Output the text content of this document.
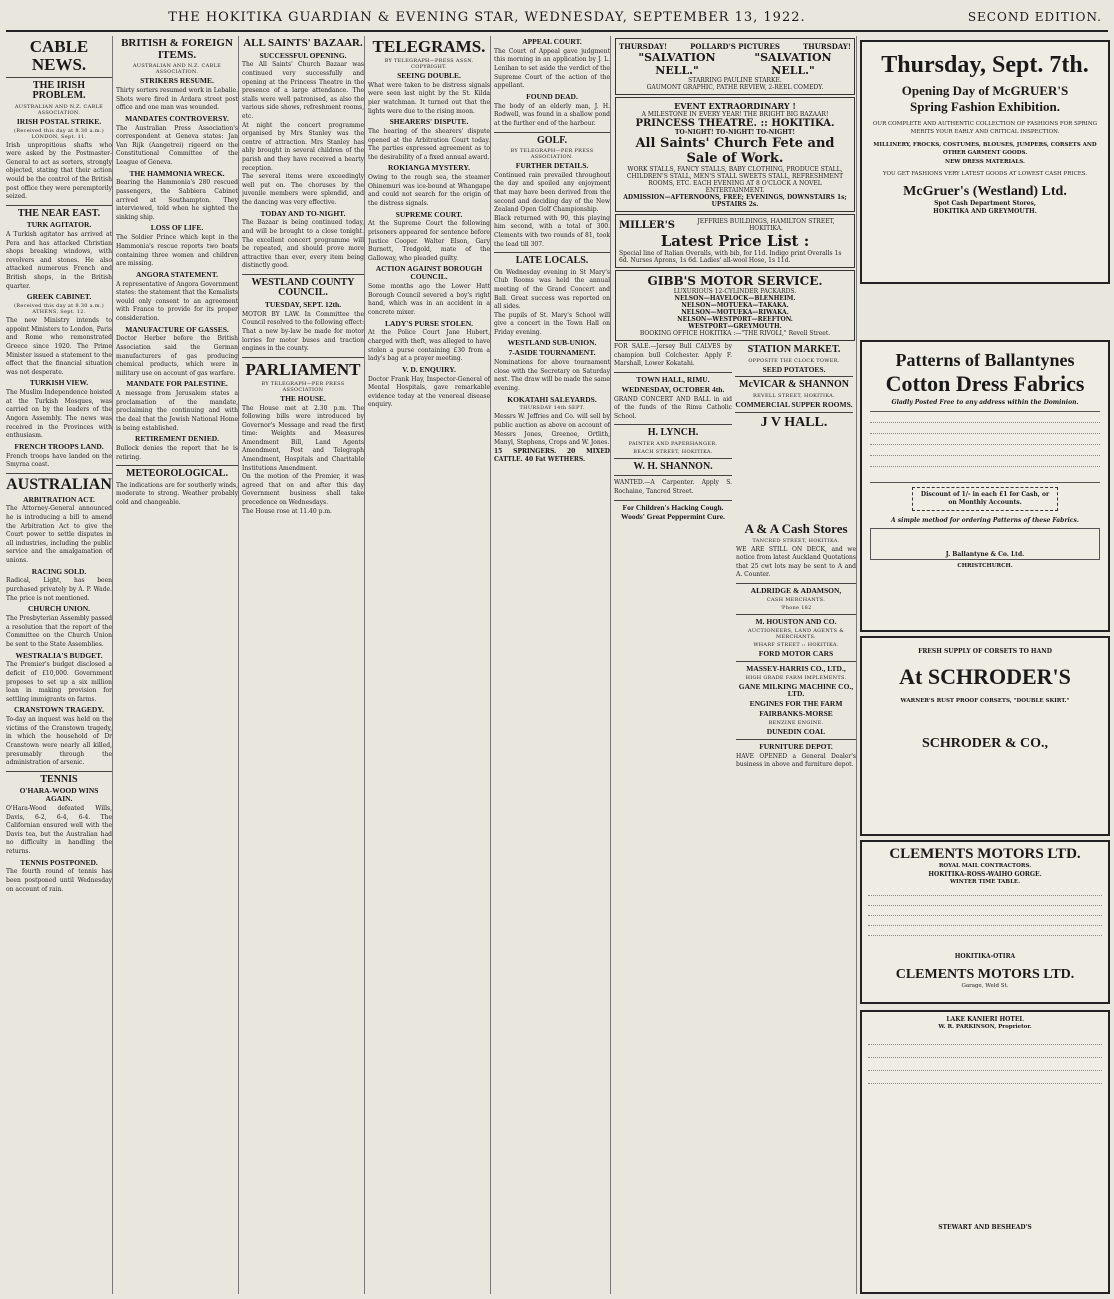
THE HOKITIKA GUARDIAN & EVENING STAR, WEDNESDAY, SEPTEMBER 13, 1922.	SECOND EDITION.
CABLE NEWS.
THE IRISH PROBLEM.
AUSTRALIAN AND N.Z. CABLE ASSOCIATION.
IRISH POSTAL STRIKE.
(Received this day at 8.30 a.m.) LONDON, Sept. 11.

Irish unpropitious shafts who were asked by the Postmaster-General to act as sorters, strongly objected, stating that their action would be the control of the British post office they were peremptorily seized.

THE NEAR EAST.
TURK AGITATOR.

A Turkish agitator has arrived at Pera and has attacked Christian shops breaking windows, with revolvers and stones. He also attacked numerous French and British shops, in the British quarter.

GREEK CABINET.
(Received this day at 8.30 a.m.) ATHENS, Sept. 12.

The new Ministry intends to appoint Ministers to London, Paris and Rome who remonstrated Greece since 1920. The Prime Minister issued a statement to the effect that the financial situation was not desperate.

TURKISH VIEW.

The Muslim Independence hoisted at the Turkish Mosques, was carried on by the leaders of the Angora Assembly. The news was received in the Provinces with enthusiasm.

FRENCH TROOPS LAND.

French troops have landed on the Smyrna coast.

AUSTRALIAN
ARBITRATION ACT.

The Attorney-General announced he is introducing a bill to amend the Arbitration Act to give the Court power to settle disputes in all industries, including the public service and the amalgamation of unions.

RACING SOLD.

Radical, Light, has been purchased privately by A. P. Wade. The price is not mentioned.

CHURCH UNION.

The Presbyterian Assembly passed a resolution that the report of the Committee on the Church Union be sent to the State Assemblies.

WESTRALIA'S BUDGET.

The Premier's budget disclosed a deficit of £10,000. Government proposes to set up a six million loan in making provision for settling immigrants on farms.

CRANSTOWN TRAGEDY.

To-day an inquest was held on the victims of the Cranstown tragedy, in which the household of Dr Cranstown were nearly all killed, presumably through the administration of arsenic.

TENNIS
O'HARA-WOOD WINS AGAIN.

O'Hara-Wood defeated Wills, Davis, 6-2, 6-4, 6-4. The Californian ensured well with the Davis tea, but the Australian had no difficulty in handling the returns.

TENNIS POSTPONED.

The fourth round of tennis has been postponed until Wednesday on account of rain.

BRITISH & FOREIGN ITEMS.
AUSTRALIAN AND N.Z. CABLE ASSOCIATION.
STRIKERS RESUME.

Thirty sorters resumed work in Lebalie. Shots were fired in Ardara street post office and one man was wounded.

MANDATES CONTROVERSY.

The Australian Press Association's correspondent at Geneva states: Jan Van Rijk (Aangetrei) rigeerd on the Constitutional Committee of the League of Geneva.

THE HAMMONIA WRECK.

Bearing the Hammonia's 280 rescued passengers, the Sabbiera Cabinet arrived at Southampton. They interviewed, told when he sighted the sinking ship.

LOSS OF LIFE.

The Soldier Prince which kept in the Hammonia's rescue reports two boats containing three women and children are missing.

ANGORA STATEMENT.

A representative of Angora Government states: the statement that the Kemalists would only consent to an agreement with France to provide for its proper consideration.

MANUFACTURE OF GASSES.

Doctor Herber before the British Association said the German manufacturers of gas producing chemical products, which were in military use on account of gas warfare.

MANDATE FOR PALESTINE.

A message from Jerusalem states a proclamation of the mandate, proclaiming the continuing and with the deal that the Jewish National Home is being established.

RETIREMENT DENIED.

Bullock denies the report that he is retiring.

METEOROLOGICAL.

The indications are for southerly winds, moderate to strong. Weather probably cold and changeable.

ALL SAINTS' BAZAAR.
SUCCESSFUL OPENING.

The All Saints' Church Bazaar was continued very successfully and opening at the Princess Theatre in the presence of a large attendance. The stalls were well patronised, as also the various side shows, refreshment rooms, etc.

At night the concert programme organised by Mrs Stanley was the centre of attraction. Mrs Stanley has ably brought in several children of the parish and they have received a hearty reception.

The several items were exceedingly well put on. The choruses by the juvenile members were splendid, and the dancing was very effective.

TODAY AND TO-NIGHT.

The Bazaar is being continued today, and will be brought to a close tonight. The excellent concert programme will be repeated, and should prove more attractive than ever, every item being distinctly good.

WESTLAND COUNTY COUNCIL.
TUESDAY, SEPT. 12th.

MOTOR BY LAW. In Committee the Council resolved to the following effect: That a new by-law be made for motor lorries for motor buses and traction engines in the county.

PARLIAMENT
BY TELEGRAPH—PER PRESS ASSOCIATION
THE HOUSE.

The House met at 2.30 p.m. The following bills were introduced by Governor's Message and read the first time: Weights and Measures Amendment Bill, Land Agents Amendment, Post and Telegraph Amendment, Hospitals and Charitable Institutions Amendment.

On the motion of the Premier, it was agreed that on and after this day Government business shall take precedence on Wednesdays.

The House rose at 11.40 p.m.

TELEGRAMS.
BY TELEGRAPH—PRESS ASSN. COPYRIGHT.
SEEING DOUBLE.

What were taken to be distress signals were seen last night by the St. Kilda pier watchman. It turned out that the lights were due to the rising moon.

SHEARERS' DISPUTE.

The hearing of the shearers' dispute opened at the Arbitration Court today. The parties expressed agreement as to the desirability of a fixed annual award.

ROKIANGA MYSTERY.

Owing to the rough sea, the steamer Ohinemuri was ice-bound at Whangape and could not search for the origin of the distress signals.

SUPREME COURT.

At the Supreme Court the following prisoners appeared for sentence before Justice Cooper. Walter Elson, Gary Burnett, Tredgold, mate of the Galloway, who pleaded guilty.

ACTION AGAINST BOROUGH COUNCIL.

Some months ago the Lower Hutt Borough Council severed a boy's right hand, which was in an accident in a concrete mixer.

LADY'S PURSE STOLEN.

At the Police Court Jane Hubert, charged with theft, was alleged to have stolen a purse containing £30 from a lady's bag at a prayer meeting.

V. D. ENQUIRY.

Doctor Frank Hay, Inspector-General of Mental Hospitals, gave remarkable evidence today at the venereal disease enquiry.

APPEAL COURT.

The Court of Appeal gave judgment this morning in an application by J. L. Lenihan to set aside the verdict of the Supreme Court of the action of the appellant.

FOUND DEAD.

The body of an elderly man, J. H. Rodwell, was found in a shallow pond at the further end of the harbour.

GOLF.
BY TELEGRAPH—PER PRESS ASSOCIATION.
FURTHER DETAILS.

Continued rain prevailed throughout the day and spoiled any enjoyment that may have been derived from the second and deciding day of the New Zealand Open Golf Championship.

Black returned with 90, this playing him second, with a total of 300. Clements with two rounds of 81, took the lead till 307.

LATE LOCALS.

On Wednesday evening in St Mary's Club Rooms was held the annual meeting of the Grand Concert and Ball. Great success was reported on all sides.

The pupils of St. Mary's School will give a concert in the Town Hall on Friday evening.

WESTLAND SUB-UNION.
7-ASIDE TOURNAMENT.

Nominations for above tournament close with the Secretary on Saturday next. The draw will be made the same evening.

KOKATAHI SALEYARDS.
THURSDAY 14th SEPT.

Messrs W. Jeffries and Co. will sell by public auction as above on account of Messrs Jones, Greenoe, Ortlith, Manyl, Stephens, Crops and W. Jones.

15 SPRINGERS. 20 MIXED CATTLE. 40 Fat WETHERS.

THURSDAY!	POLLARD'S PICTURES	THURSDAY!
"SALVATION NELL."
"SALVATION NELL."
STARRING PAULINE STARKE.
GAUMONT GRAPHIC, PATHE REVIEW, 2-REEL COMEDY.
EVENT EXTRAORDINARY !
A MILESTONE IN EVERY YEAR! THE BRIGHT BIG BAZAAR!
PRINCESS THEATRE. :: HOKITIKA.
TO-NIGHT! TO-NIGHT! TO-NIGHT!
All Saints' Church Fete and
Sale of Work.
WORK STALLS, FANCY STALLS, BABY CLOTHING, PRODUCE STALL, CHILDREN'S STALL, MEN'S STALL SWEETS STALL, REFRESHMENT ROOMS, ETC. EACH EVENING AT 8 O'CLOCK A NOVEL ENTERTAINMENT.
ADMISSION—AFTERNOONS, FREE; EVENINGS, DOWNSTAIRS 1s; UPSTAIRS 2s.
MILLER'S	JEFFRIES BUILDINGS, HAMILTON STREET, HOKITIKA.
Latest Price List :
Special line of Italian Overalls, with bib, for 11d. Indigo print Overalls 1s 6d. Nurses Aprons, 1s 6d. Ladies' all-wool Hose, 1s 11d.
GIBB'S MOTOR SERVICE.
LUXURIOUS 12-CYLINDER PACKARDS.
NELSON—HAVELOCK—BLENHEIM.
NELSON—MOTUEKA—TAKAKA.
NELSON—MOTUEKA—RIWAKA.
NELSON—WESTPORT—REEFTON.
WESTPORT—GREYMOUTH.
BOOKING OFFICE HOKITIKA :—"THE RIVOLI," Revell Street.

FOR SALE.—Jersey Bull CALVES by champion bull Colchester. Apply F. Marshall, Lower Kokatahi.

TOWN HALL, RIMU.
WEDNESDAY, OCTOBER 4th.

GRAND CONCERT AND BALL in aid of the funds of the Rimu Catholic School.

H. LYNCH.
PAINTER AND PAPERHANGER.
BEACH STREET, HOKITIKA.
W. H. SHANNON.

WANTED.—A Carpenter. Apply S. Rochaine, Tancred Street.

For Children's Hacking Cough.
Woods' Great Peppermint Cure.
STATION MARKET.
OPPOSITE THE CLOCK TOWER.
SEED POTATOES.
McVICAR & SHANNON
REVELL STREET, HOKITIKA.
COMMERCIAL SUPPER ROOMS.
J V HALL.
Thursday, Sept. 7th.
Opening Day of McGRUER'S
Spring Fashion Exhibition.
OUR COMPLETE AND AUTHENTIC COLLECTION OF FASHIONS FOR SPRING MERITS YOUR EARLY AND CRITICAL INSPECTION.
MILLINERY, FROCKS, COSTUMES, BLOUSES, JUMPERS, CORSETS AND OTHER GARMENT GOODS.
NEW DRESS MATERIALS.
YOU GET FASHIONS VERY LATEST GOODS AT LOWEST CASH PRICES.
McGruer's (Westland) Ltd.
Spot Cash Department Stores,
HOKITIKA AND GREYMOUTH.
A & A Cash Stores
TANCRED STREET, HOKITIKA.

WE ARE STILL ON DECK, and we notice from latest Auckland Quotations that 25 cwt lots may be sent to A and A. Counter.

ALDRIDGE & ADAMSON,
CASH MERCHANTS.
'Phone 182
M. HOUSTON AND CO.
AUCTIONEERS, LAND AGENTS & MERCHANTS.
WHARF STREET :: HOKITIKA.
FORD MOTOR CARS
MASSEY-HARRIS CO., LTD.,
HIGH GRADE FARM IMPLEMENTS.
GANE MILKING MACHINE CO., LTD.
ENGINES FOR THE FARM
FAIRBANKS-MORSE
BENZINE ENGINE.
DUNEDIN COAL
FURNITURE DEPOT.

HAVE OPENED a General Dealer's business in above and furniture depot.

Patterns of Ballantynes
Cotton Dress Fabrics
Gladly Posted Free to any address within the Dominion.
Discount of 1/- in each £1 for Cash, or on Monthly Accounts.
A simple method for ordering Patterns of these Fabrics.
J. Ballantyne & Co. Ltd.
CHRISTCHURCH.
FRESH SUPPLY OF CORSETS TO HAND
At SCHRODER'S
WARNER'S RUST PROOF CORSETS, "DOUBLE SKIRT."
SCHRODER & CO.,
CLEMENTS MOTORS LTD.
ROYAL MAIL CONTRACTORS.
HOKITIKA-ROSS-WAIHO GORGE.
WINTER TIME TABLE.
HOKITIKA-OTIRA
CLEMENTS MOTORS LTD.
Garage, Weld St.
LAKE KANIERI HOTEL
W. R. PARKINSON, Proprietor.
STEWART AND BESHEAD'S
